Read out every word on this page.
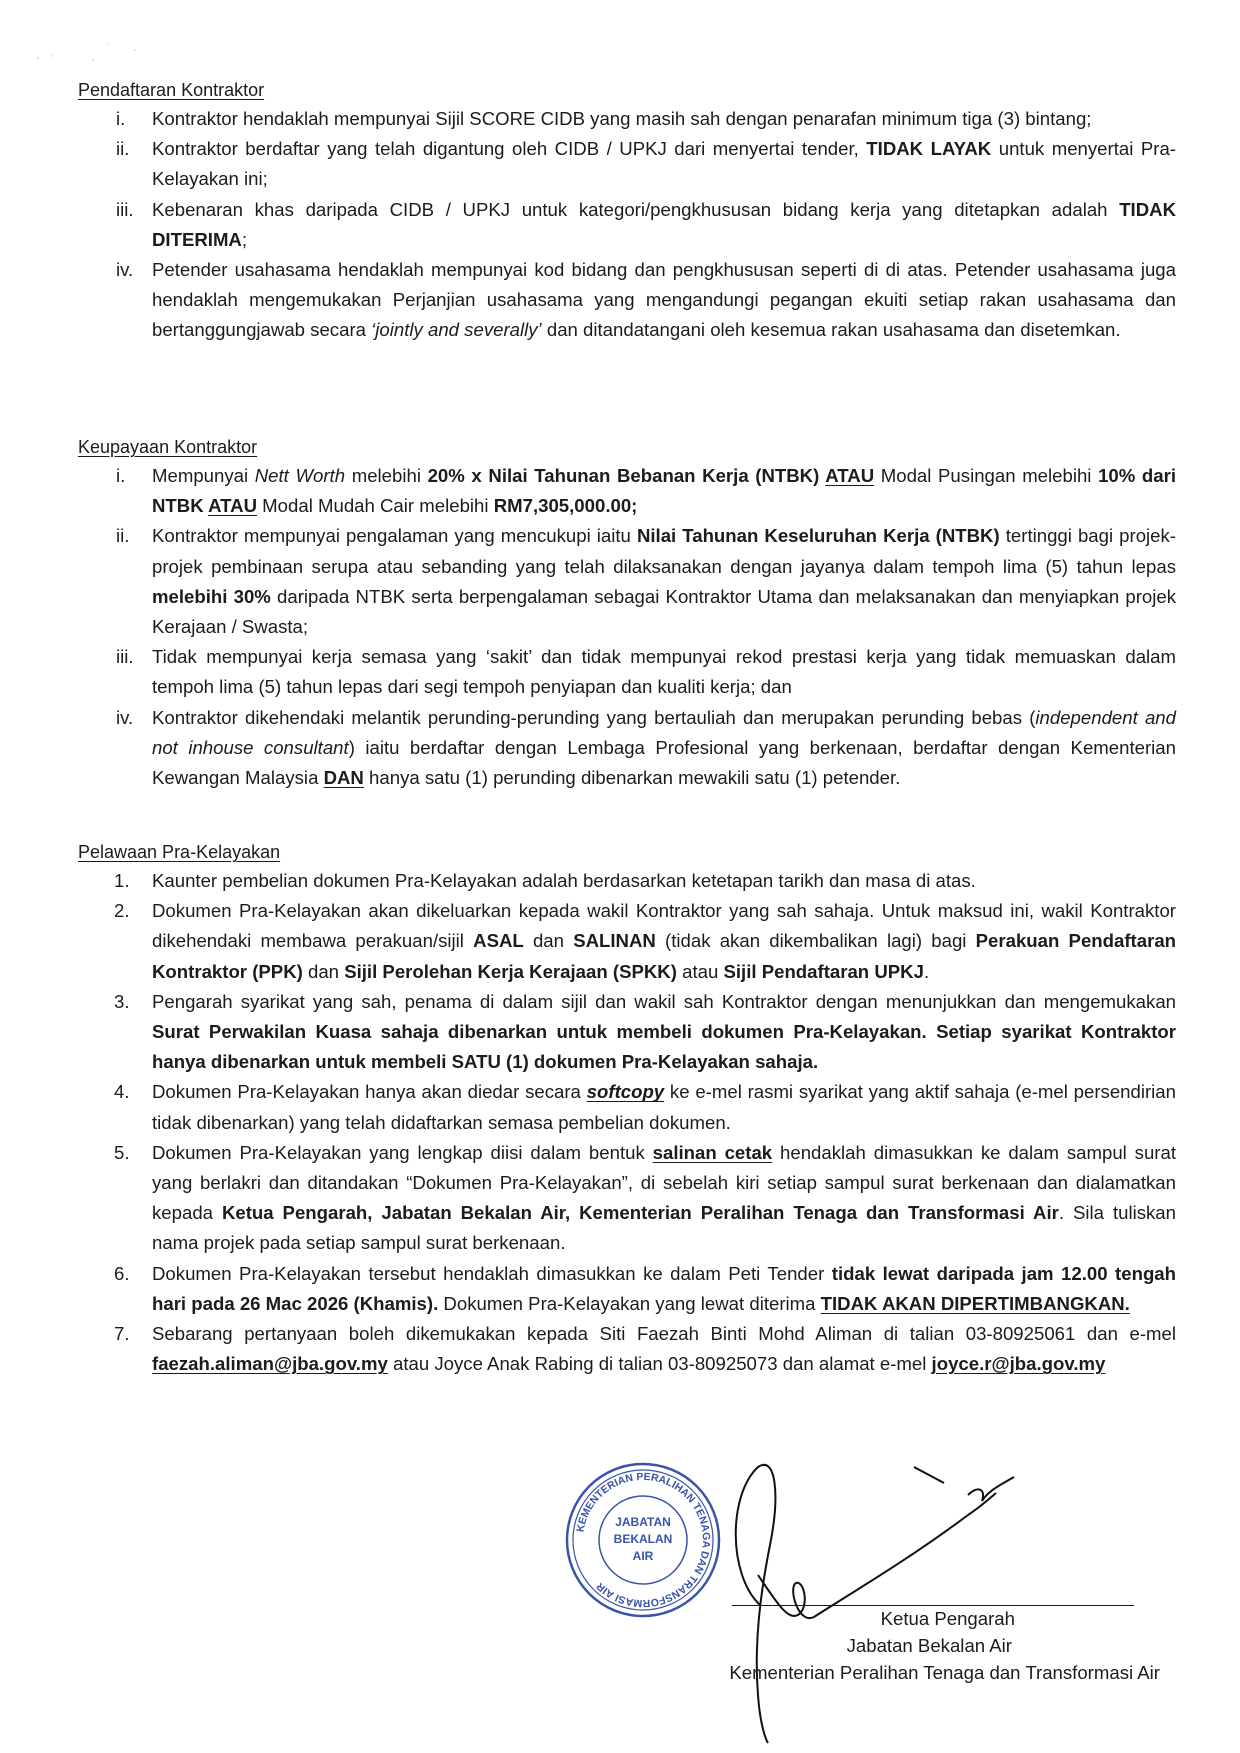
Pendaftaran Kontraktor
i.	Kontraktor hendaklah mempunyai Sijil SCORE CIDB yang masih sah dengan penarafan minimum tiga (3) bintang;
ii.	Kontraktor berdaftar yang telah digantung oleh CIDB / UPKJ dari menyertai tender, TIDAK LAYAK untuk menyertai Pra-Kelayakan ini;
iii. Kebenaran khas daripada CIDB / UPKJ untuk kategori/pengkhususan bidang kerja yang ditetapkan adalah TIDAK DITERIMA;
iv.	Petender usahasama hendaklah mempunyai kod bidang dan pengkhususan seperti di di atas. Petender usahasama juga hendaklah mengemukakan Perjanjian usahasama yang mengandungi pegangan ekuiti setiap rakan usahasama dan bertanggungjawab secara ‘jointly and severally’ dan ditandatangani oleh kesemua rakan usahasama dan disetemkan.
Keupayaan Kontraktor
i.	Mempunyai Nett Worth melebihi 20% x Nilai Tahunan Bebanan Kerja (NTBK) ATAU Modal Pusingan melebihi 10% dari NTBK ATAU Modal Mudah Cair melebihi RM7,305,000.00;
ii.	Kontraktor mempunyai pengalaman yang mencukupi iaitu Nilai Tahunan Keseluruhan Kerja (NTBK) tertinggi bagi projek-projek pembinaan serupa atau sebanding yang telah dilaksanakan dengan jayanya dalam tempoh lima (5) tahun lepas melebihi 30% daripada NTBK serta berpengalaman sebagai Kontraktor Utama dan melaksanakan dan menyiapkan projek Kerajaan / Swasta;
iii. Tidak mempunyai kerja semasa yang ‘sakit’ dan tidak mempunyai rekod prestasi kerja yang tidak memuaskan dalam tempoh lima (5) tahun lepas dari segi tempoh penyiapan dan kualiti kerja; dan
iv.	Kontraktor dikehendaki melantik perunding-perunding yang bertauliah dan merupakan perunding bebas (independent and not inhouse consultant) iaitu berdaftar dengan Lembaga Profesional yang berkenaan, berdaftar dengan Kementerian Kewangan Malaysia DAN hanya satu (1) perunding dibenarkan mewakili satu (1) petender.
Pelawaan Pra-Kelayakan
1.	Kaunter pembelian dokumen Pra-Kelayakan adalah berdasarkan ketetapan tarikh dan masa di atas.
2.	Dokumen Pra-Kelayakan akan dikeluarkan kepada wakil Kontraktor yang sah sahaja. Untuk maksud ini, wakil Kontraktor dikehendaki membawa perakuan/sijil ASAL dan SALINAN (tidak akan dikembalikan lagi) bagi Perakuan Pendaftaran Kontraktor (PPK) dan Sijil Perolehan Kerja Kerajaan (SPKK) atau Sijil Pendaftaran UPKJ.
3.	Pengarah syarikat yang sah, penama di dalam sijil dan wakil sah Kontraktor dengan menunjukkan dan mengemukakan Surat Perwakilan Kuasa sahaja dibenarkan untuk membeli dokumen Pra-Kelayakan. Setiap syarikat Kontraktor hanya dibenarkan untuk membeli SATU (1) dokumen Pra-Kelayakan sahaja.
4.	Dokumen Pra-Kelayakan hanya akan diedar secara softcopy ke e-mel rasmi syarikat yang aktif sahaja (e-mel persendirian tidak dibenarkan) yang telah didaftarkan semasa pembelian dokumen.
5.	Dokumen Pra-Kelayakan yang lengkap diisi dalam bentuk salinan cetak hendaklah dimasukkan ke dalam sampul surat yang berlakri dan ditandakan “Dokumen Pra-Kelayakan”, di sebelah kiri setiap sampul surat berkenaan dan dialamatkan kepada Ketua Pengarah, Jabatan Bekalan Air, Kementerian Peralihan Tenaga dan Transformasi Air. Sila tuliskan nama projek pada setiap sampul surat berkenaan.
6.	Dokumen Pra-Kelayakan tersebut hendaklah dimasukkan ke dalam Peti Tender tidak lewat daripada jam 12.00 tengah hari pada 26 Mac 2026 (Khamis). Dokumen Pra-Kelayakan yang lewat diterima TIDAK AKAN DIPERTIMBANGKAN.
7.	Sebarang pertanyaan boleh dikemukakan kepada Siti Faezah Binti Mohd Aliman di talian 03-80925061 dan e-mel faezah.aliman@jba.gov.my atau Joyce Anak Rabing di talian 03-80925073 dan alamat e-mel joyce.r@jba.gov.my
KEMENTERIAN PERALIHAN TENAGA DAN TRANSFORMASI AIR
JABATAN
BEKALAN
AIR
Ketua Pengarah
Jabatan Bekalan Air
Kementerian Peralihan Tenaga dan Transformasi Air
